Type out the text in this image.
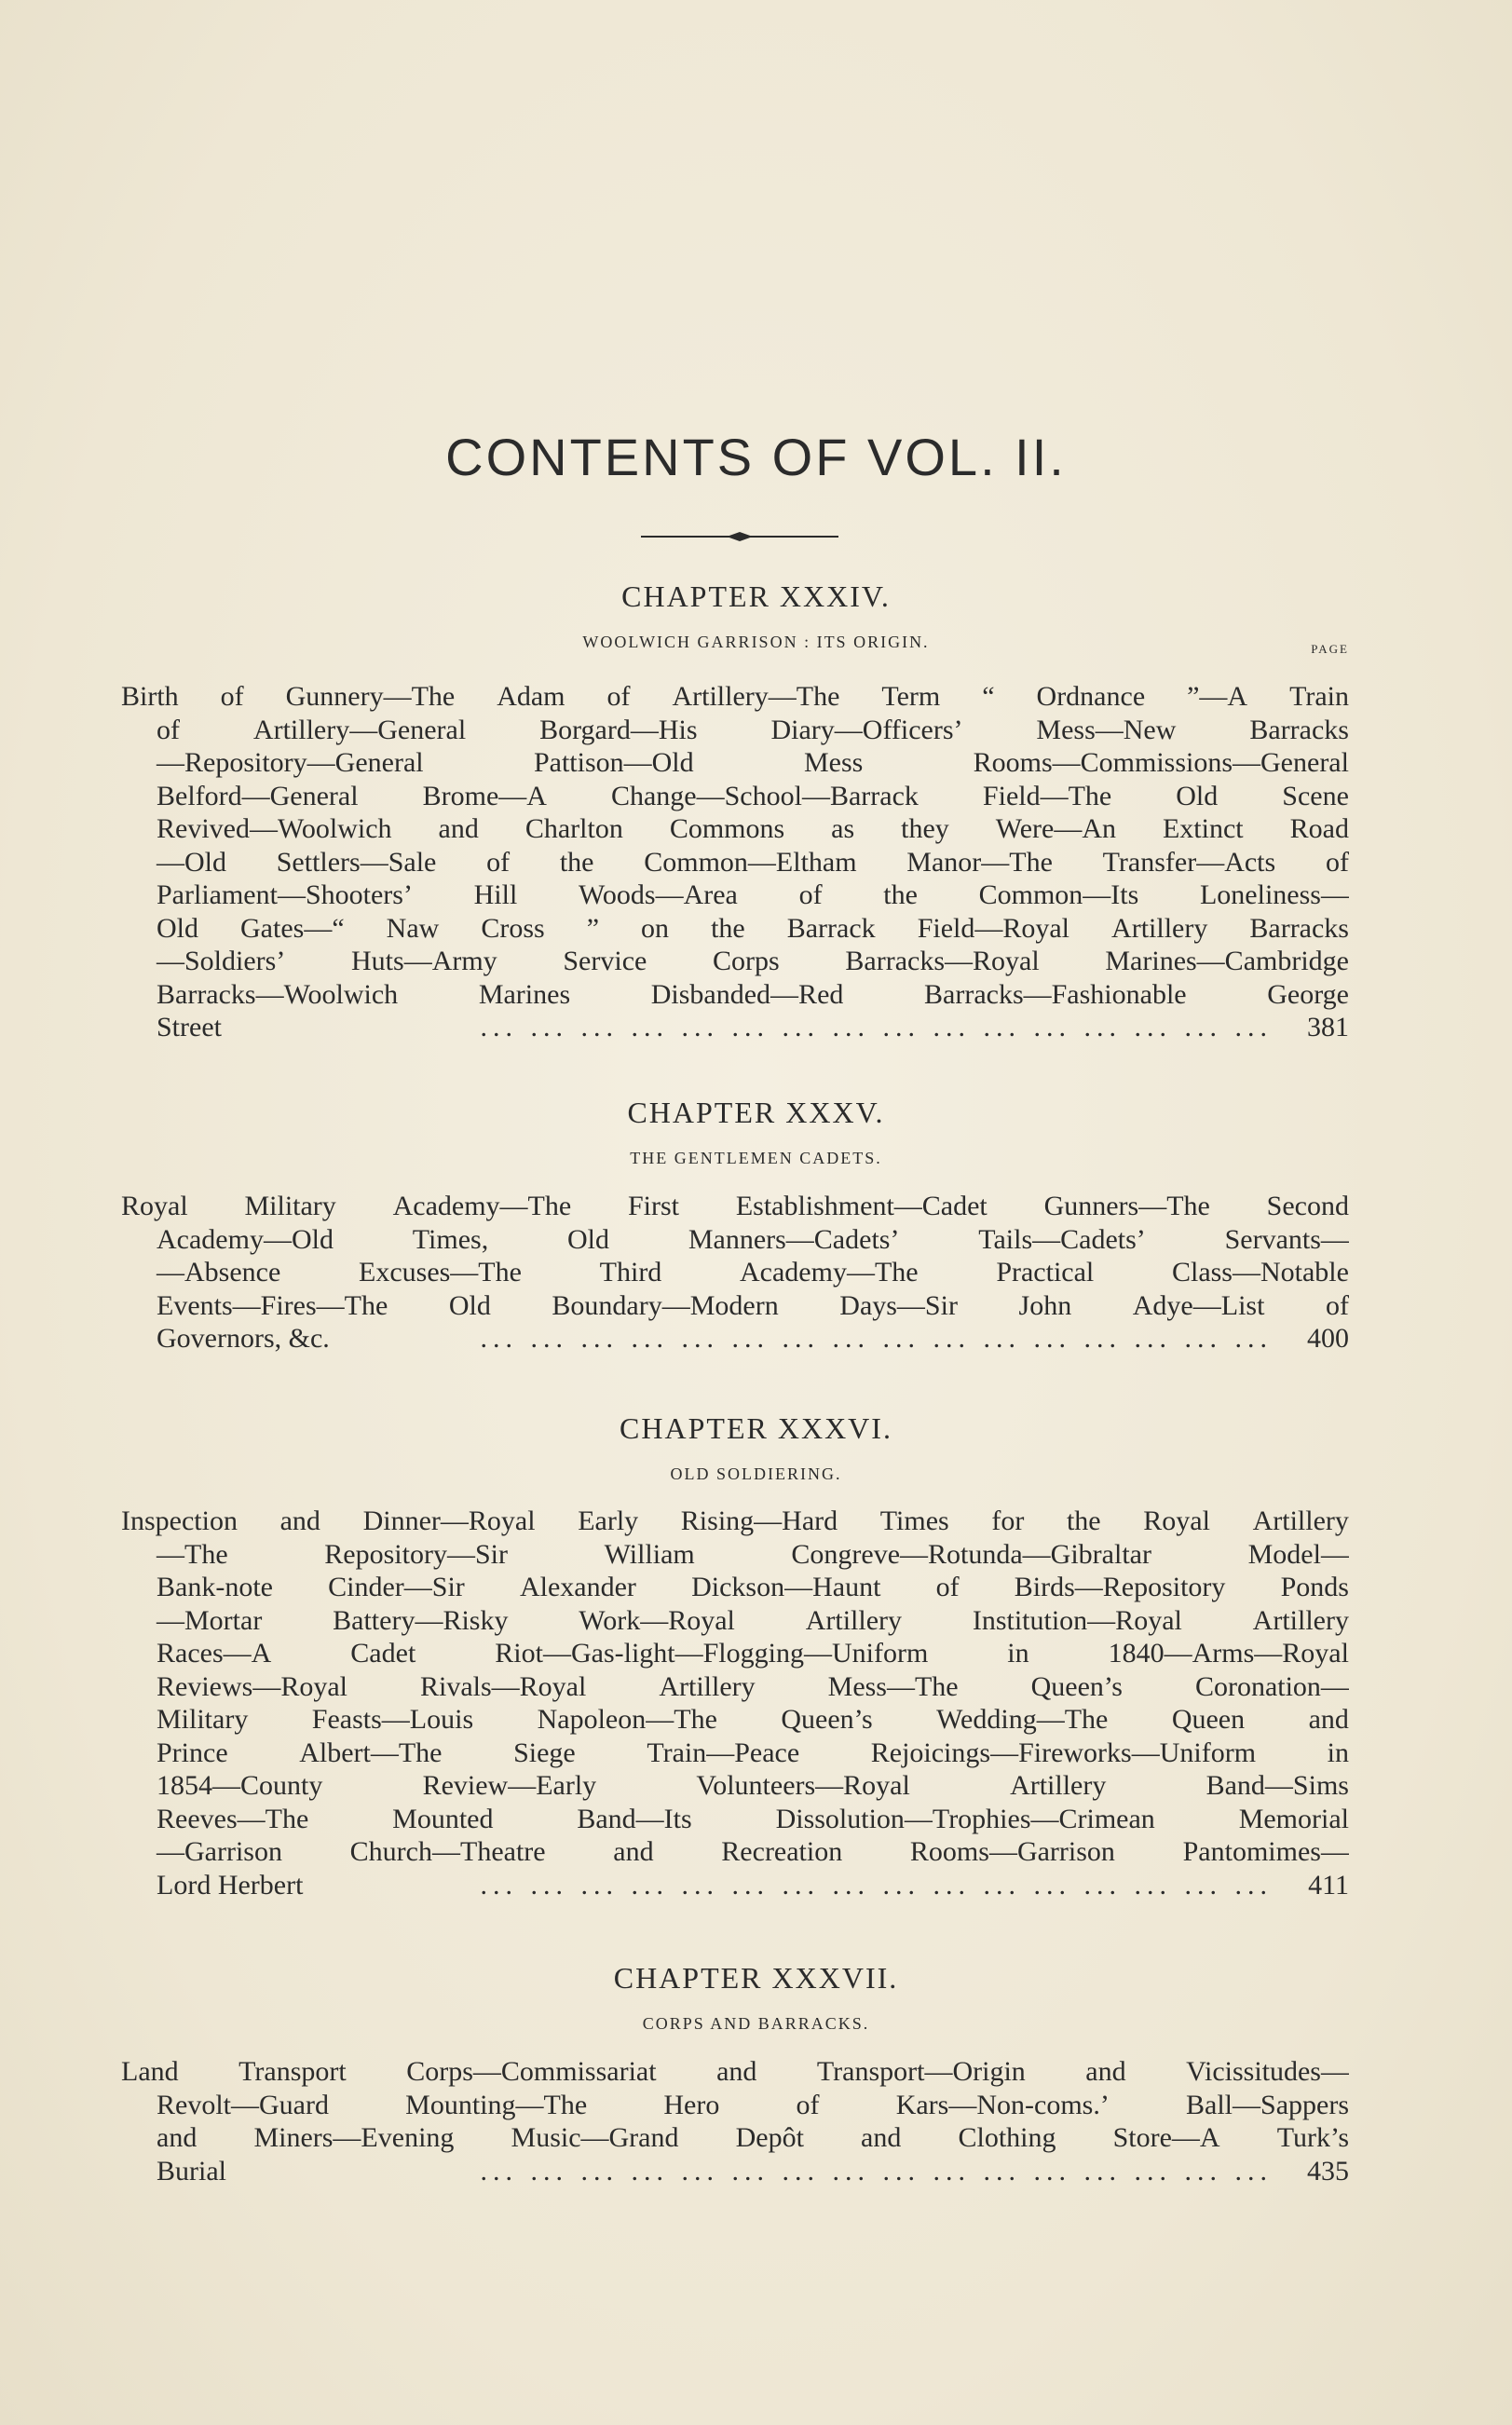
CONTENTS OF VOL. II.
CHAPTER XXXIV.
WOOLWICH GARRISON : ITS ORIGIN.	PAGE
Birth of Gunnery—The Adam of Artillery—The Term “ Ordnance ”—A Train
of	Artillery—General	Borgard—His	Diary—Officers’	Mess—New	Barracks
—Repository—General	Pattison—Old	Mess	Rooms—Commissions—General
Belford—General Brome—A Change—School—Barrack Field—The Old Scene
Revived—Woolwich and Charlton Commons as they Were—An Extinct Road
—Old Settlers—Sale of the Common—Eltham Manor—The Transfer—Acts of
Parliament—Shooters’ Hill Woods—Area of the Common—Its Loneliness—
Old Gates—“ Naw Cross ” on the Barrack Field—Royal Artillery Barracks
—Soldiers’ Huts—Army Service Corps Barracks—Royal Marines—Cambridge
Barracks—Woolwich	Marines	Disbanded—Red	Barracks—Fashionable	George
Street	... ... ... ... ... ... ... ... ... ... ... ... ... ... ... ...	381
CHAPTER XXXV.
THE GENTLEMEN CADETS.
Royal Military Academy—The First Establishment—Cadet Gunners—The Second
Academy—Old	Times,	Old	Manners—Cadets’	Tails—Cadets’	Servants—
—Absence	Excuses—The	Third	Academy—The	Practical	Class—Notable
Events—Fires—The Old Boundary—Modern Days—Sir John Adye—List of
Governors, &c.	... ... ... ... ... ... ... ... ... ... ... ... ... ... ... ...	400
CHAPTER XXXVI.
OLD SOLDIERING.
Inspection and Dinner—Royal Early Rising—Hard Times for the Royal Artillery
—The	Repository—Sir	William	Congreve—Rotunda—Gibraltar	Model—
Bank-note Cinder—Sir Alexander Dickson—Haunt of Birds—Repository Ponds
—Mortar	Battery—Risky	Work—Royal	Artillery	Institution—Royal	Artillery
Races—A	Cadet	Riot—Gas-light—Flogging—Uniform	in	1840—Arms—Royal
Reviews—Royal	Rivals—Royal	Artillery	Mess—The	Queen’s	Coronation—
Military Feasts—Louis Napoleon—The Queen’s Wedding—The Queen and
Prince	Albert—The	Siege	Train—Peace	Rejoicings—Fireworks—Uniform	in
1854—County	Review—Early	Volunteers—Royal	Artillery	Band—Sims
Reeves—The	Mounted	Band—Its	Dissolution—Trophies—Crimean	Memorial
—Garrison Church—Theatre and Recreation Rooms—Garrison Pantomimes—
Lord Herbert	... ... ... ... ... ... ... ... ... ... ... ... ... ... ... ...	411
CHAPTER XXXVII.
CORPS AND BARRACKS.
Land Transport Corps—Commissariat and Transport—Origin and Vicissitudes—
Revolt—Guard	Mounting—The	Hero	of	Kars—Non-coms.’	Ball—Sappers
and Miners—Evening Music—Grand Depôt and Clothing Store—A Turk’s
Burial	... ... ... ... ... ... ... ... ... ... ... ... ... ... ... ...	435
